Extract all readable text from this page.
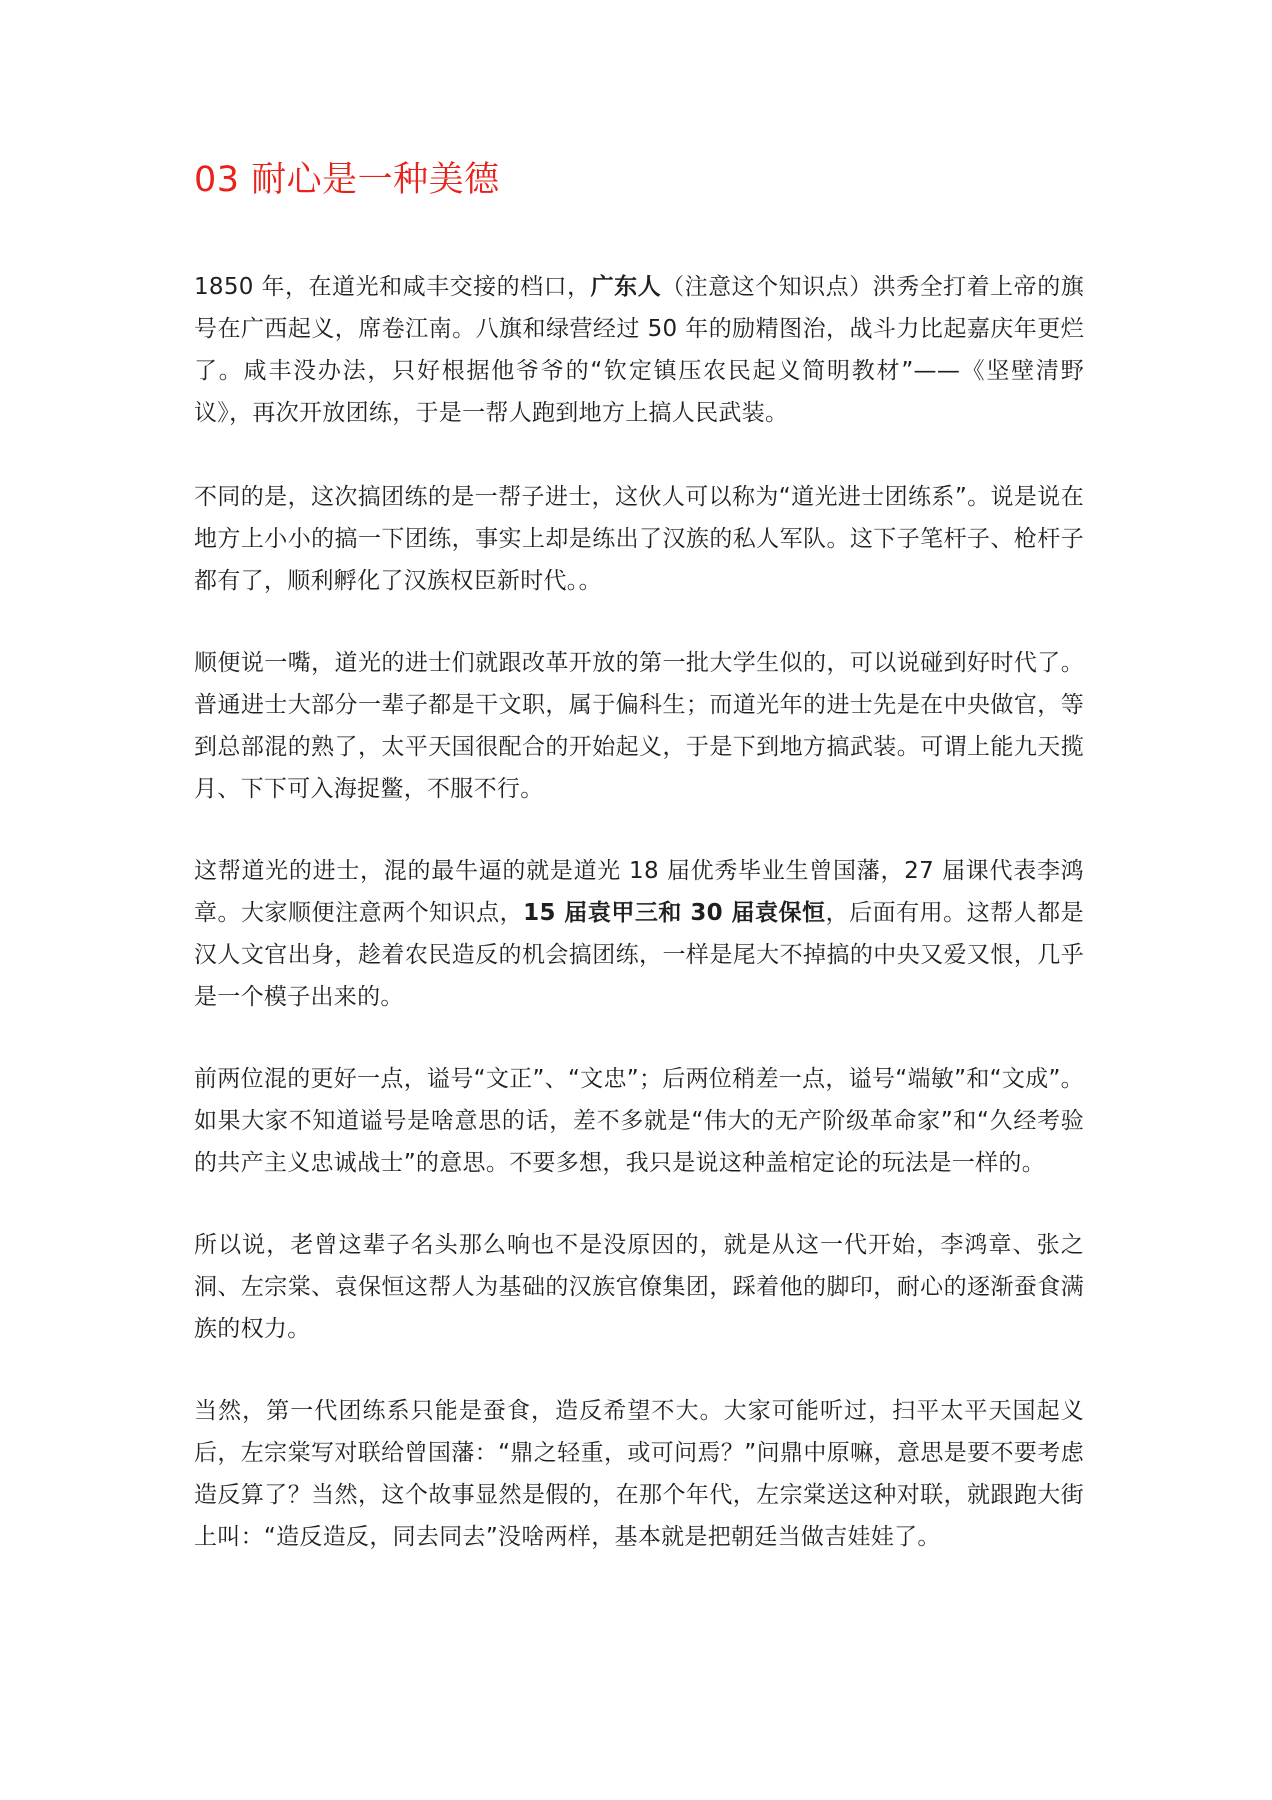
03 耐心是一种美德

1850 年，在道光和咸丰交接的档口，广东人（注意这个知识点）洪秀全打着上帝的旗号在广西起义，席卷江南。八旗和绿营经过 50 年的励精图治，战斗力比起嘉庆年更烂了。咸丰没办法，只好根据他爷爷的“钦定镇压农民起义简明教材”——《坚壁清野议》，再次开放团练，于是一帮人跑到地方上搞人民武装。

不同的是，这次搞团练的是一帮子进士，这伙人可以称为“道光进士团练系”。说是说在地方上小小的搞一下团练，事实上却是练出了汉族的私人军队。这下子笔杆子、枪杆子都有了，顺利孵化了汉族权臣新时代。。

顺便说一嘴，道光的进士们就跟改革开放的第一批大学生似的，可以说碰到好时代了。普通进士大部分一辈子都是干文职，属于偏科生；而道光年的进士先是在中央做官，等到总部混的熟了，太平天国很配合的开始起义，于是下到地方搞武装。可谓上能九天揽月、下下可入海捉鳖，不服不行。

这帮道光的进士，混的最牛逼的就是道光 18 届优秀毕业生曾国藩，27 届课代表李鸿章。大家顺便注意两个知识点，15 届袁甲三和 30 届袁保恒，后面有用。这帮人都是汉人文官出身，趁着农民造反的机会搞团练，一样是尾大不掉搞的中央又爱又恨，几乎是一个模子出来的。

前两位混的更好一点，谥号“文正”、“文忠”；后两位稍差一点，谥号“端敏”和“文成”。如果大家不知道谥号是啥意思的话，差不多就是“伟大的无产阶级革命家”和“久经考验的共产主义忠诚战士”的意思。不要多想，我只是说这种盖棺定论的玩法是一样的。

所以说，老曾这辈子名头那么响也不是没原因的，就是从这一代开始，李鸿章、张之洞、左宗棠、袁保恒这帮人为基础的汉族官僚集团，踩着他的脚印，耐心的逐渐蚕食满族的权力。

当然，第一代团练系只能是蚕食，造反希望不大。大家可能听过，扫平太平天国起义后，左宗棠写对联给曾国藩：“鼎之轻重，或可问焉？”问鼎中原嘛，意思是要不要考虑造反算了？当然，这个故事显然是假的，在那个年代，左宗棠送这种对联，就跟跑大街上叫：“造反造反，同去同去”没啥两样，基本就是把朝廷当做吉娃娃了。
